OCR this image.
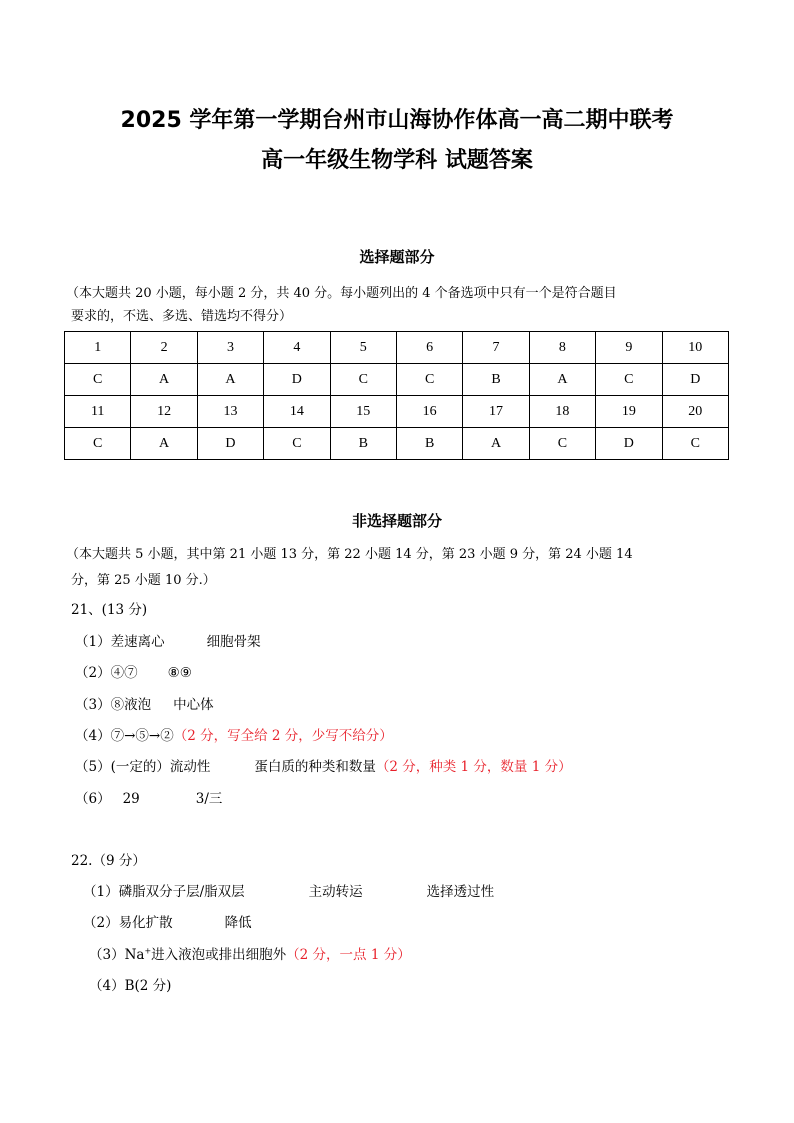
2025 学年第一学期台州市山海协作体高一高二期中联考
高一年级生物学科 试题答案
选择题部分
（本大题共 20 小题，每小题 2 分，共 40 分。每小题列出的 4 个备选项中只有一个是符合题目
要求的，不选、多选、错选均不得分）
1	2	3	4	5	6	7	8	9	10
C	A	A	D	C	C	B	A	C	D
11	12	13	14	15	16	17	18	19	20
C	A	D	C	B	B	A	C	D	C
非选择题部分
（本大题共 5 小题，其中第 21 小题 13 分，第 22 小题 14 分，第 23 小题 9 分，第 24 小题 14
分，第 25 小题 10 分.）
21、(13 分)
（1）差速离心	细胞骨架
（2）④⑦ ⑧⑨
（3）⑧液泡 中心体
（4）⑦→⑤→②（2 分，写全给 2 分，少写不给分）
（5）(一定的）流动性	蛋白质的种类和数量（2 分，种类 1 分，数量 1 分）
（6） 29	3/三
22.（9 分）
（1）磷脂双分子层/脂双层	主动转运	选择透过性
（2）易化扩散	降低
（3）Na+进入液泡或排出细胞外（2 分，一点 1 分）
（4）B(2 分)
